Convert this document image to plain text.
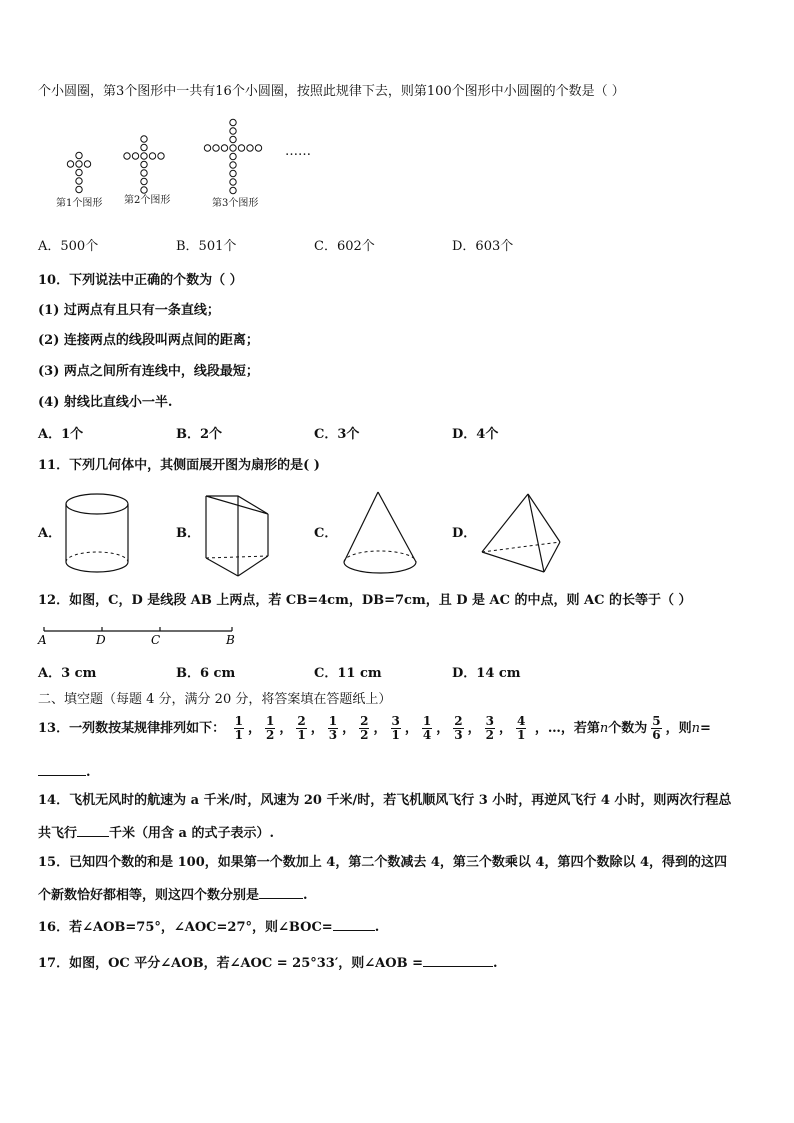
个小圆圈，第3个图形中一共有16个小圆圈，按照此规律下去，则第100个图形中小圆圈的个数是（ ）
第1个图形 第2个图形	第3个图形
……
A．500个	B．501个	C．602个	D．603个
10．下列说法中正确的个数为（ ）
(1) 过两点有且只有一条直线；
(2) 连接两点的线段叫两点间的距离；
(3) 两点之间所有连线中，线段最短；
(4) 射线比直线小一半.
A．1个	B．2个	C．3个	D．4个
11．下列几何体中，其侧面展开图为扇形的是( )
A．	B．	C．	D．
12．如图，C，D 是线段 AB 上两点，若 CB=4cm，DB=7cm，且 D 是 AC 的中点，则 AC 的长等于（ ）
A	D	C	B
A．3 cm	B．6 cm	C．11 cm	D．14 cm
二、填空题（每题 4 分，满分 20 分，将答案填在答题纸上）
13．一列数按某规律排列如下： $\frac{1}{1}$ ， $\frac{1}{2}$ ， $\frac{2}{1}$ ， $\frac{1}{3}$ ， $\frac{2}{2}$ ， $\frac{3}{1}$ ， $\frac{1}{4}$ ， $\frac{2}{3}$ ， $\frac{3}{2}$ ， $\frac{4}{1}$ ，…，若第n个数为 $\frac{5}{6}$ ，则n=
.
14．飞机无风时的航速为 a 千米/时，风速为 20 千米/时，若飞机顺风飞行 3 小时，再逆风飞行 4 小时，则两次行程总
共飞行 千米（用含 a 的式子表示）.
15．已知四个数的和是 100，如果第一个数加上 4，第二个数减去 4，第三个数乘以 4，第四个数除以 4，得到的这四
个新数恰好都相等，则这四个数分别是	.
16．若∠AOB=75°，∠AOC=27°，则∠BOC=	.
17．如图，OC 平分∠AOB，若∠AOC = 25°33′，则∠AOB =	.
